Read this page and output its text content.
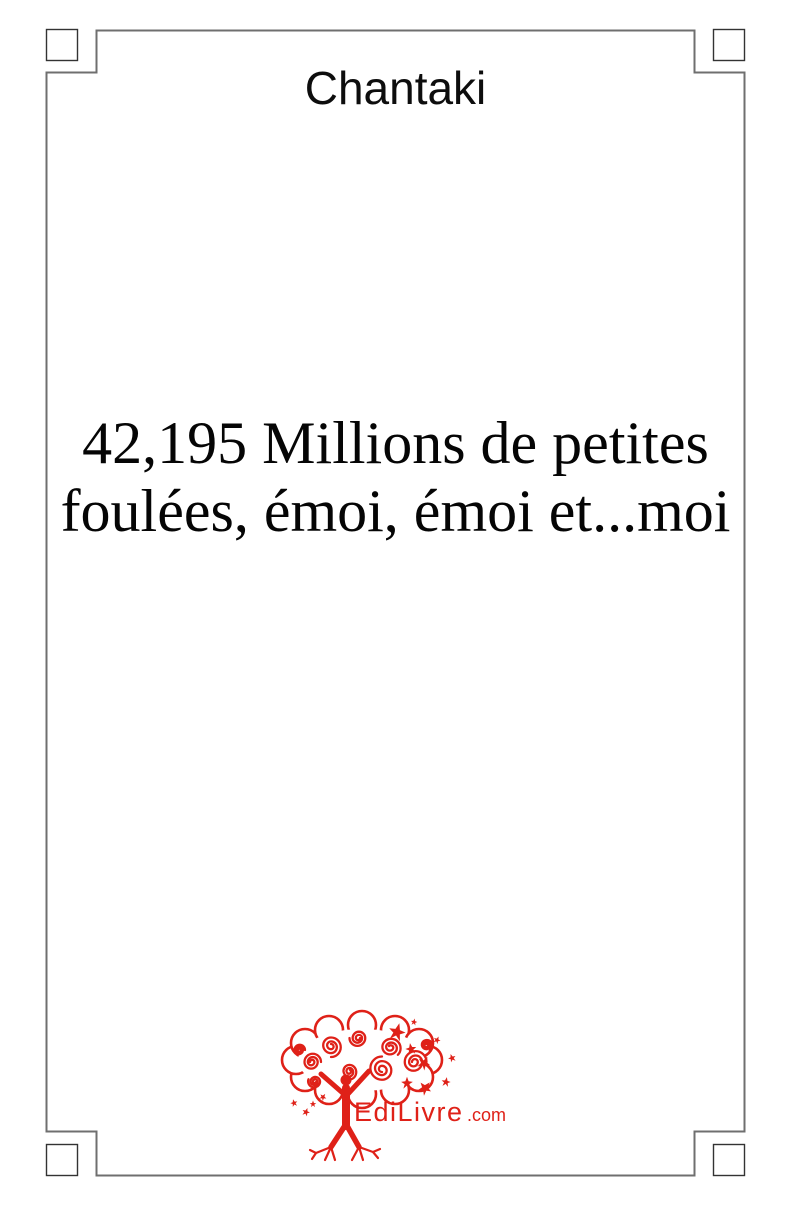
Chantaki
42,195 Millions de petites
foulées, émoi, émoi et...moi
EdiLivre .com
